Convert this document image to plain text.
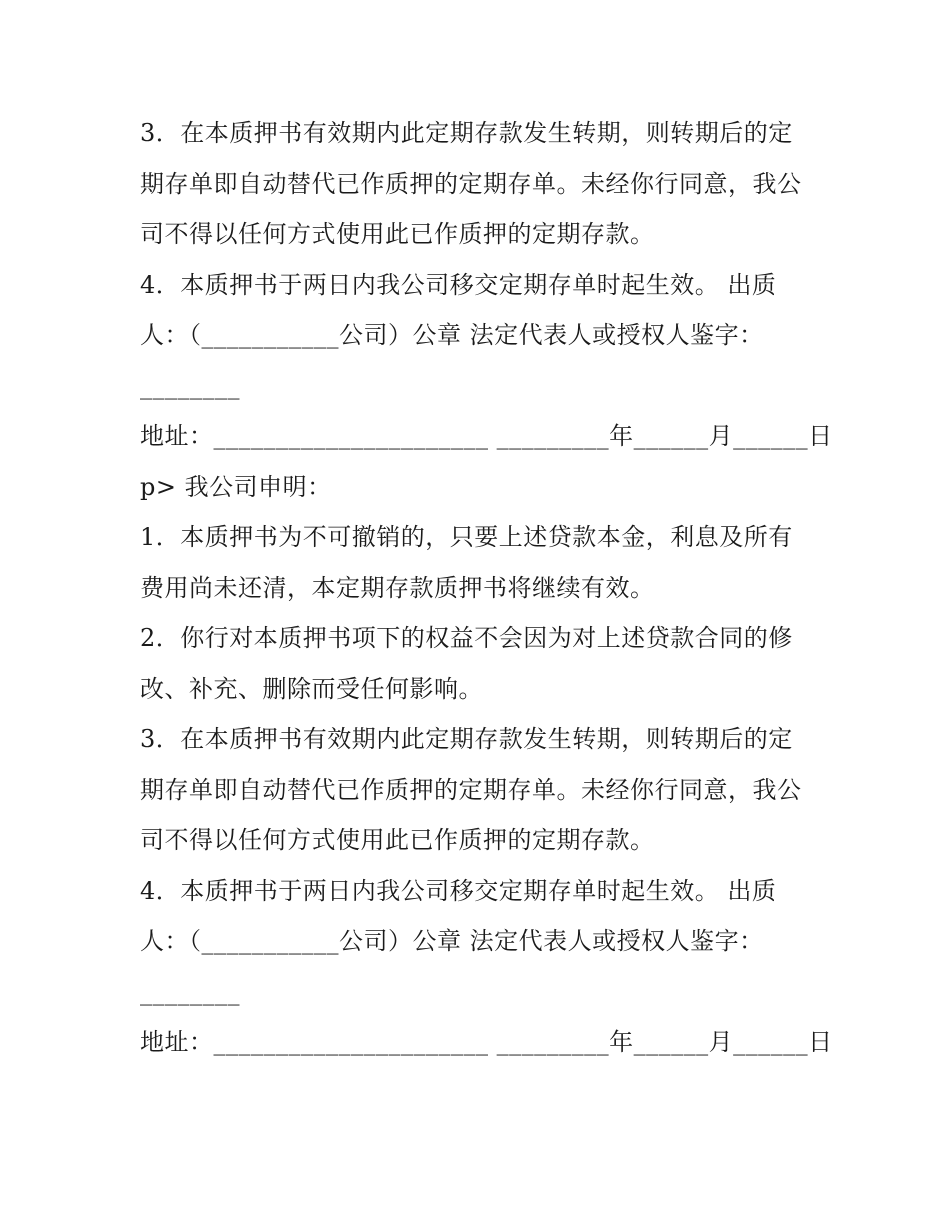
3．在本质押书有效期内此定期存款发生转期，则转期后的定
期存单即自动替代已作质押的定期存单。未经你行同意，我公
司不得以任何方式使用此已作质押的定期存款。
4．本质押书于两日内我公司移交定期存单时起生效。 出质
人：（___________公司）公章 法定代表人或授权人鉴字：
________
地址：______________________ _________年______月______日
p> 我公司申明：
1．本质押书为不可撤销的，只要上述贷款本金，利息及所有
费用尚未还清，本定期存款质押书将继续有效。
2．你行对本质押书项下的权益不会因为对上述贷款合同的修
改、补充、删除而受任何影响。
3．在本质押书有效期内此定期存款发生转期，则转期后的定
期存单即自动替代已作质押的定期存单。未经你行同意，我公
司不得以任何方式使用此已作质押的定期存款。
4．本质押书于两日内我公司移交定期存单时起生效。 出质
人：（___________公司）公章 法定代表人或授权人鉴字：
________
地址：______________________ _________年______月______日
